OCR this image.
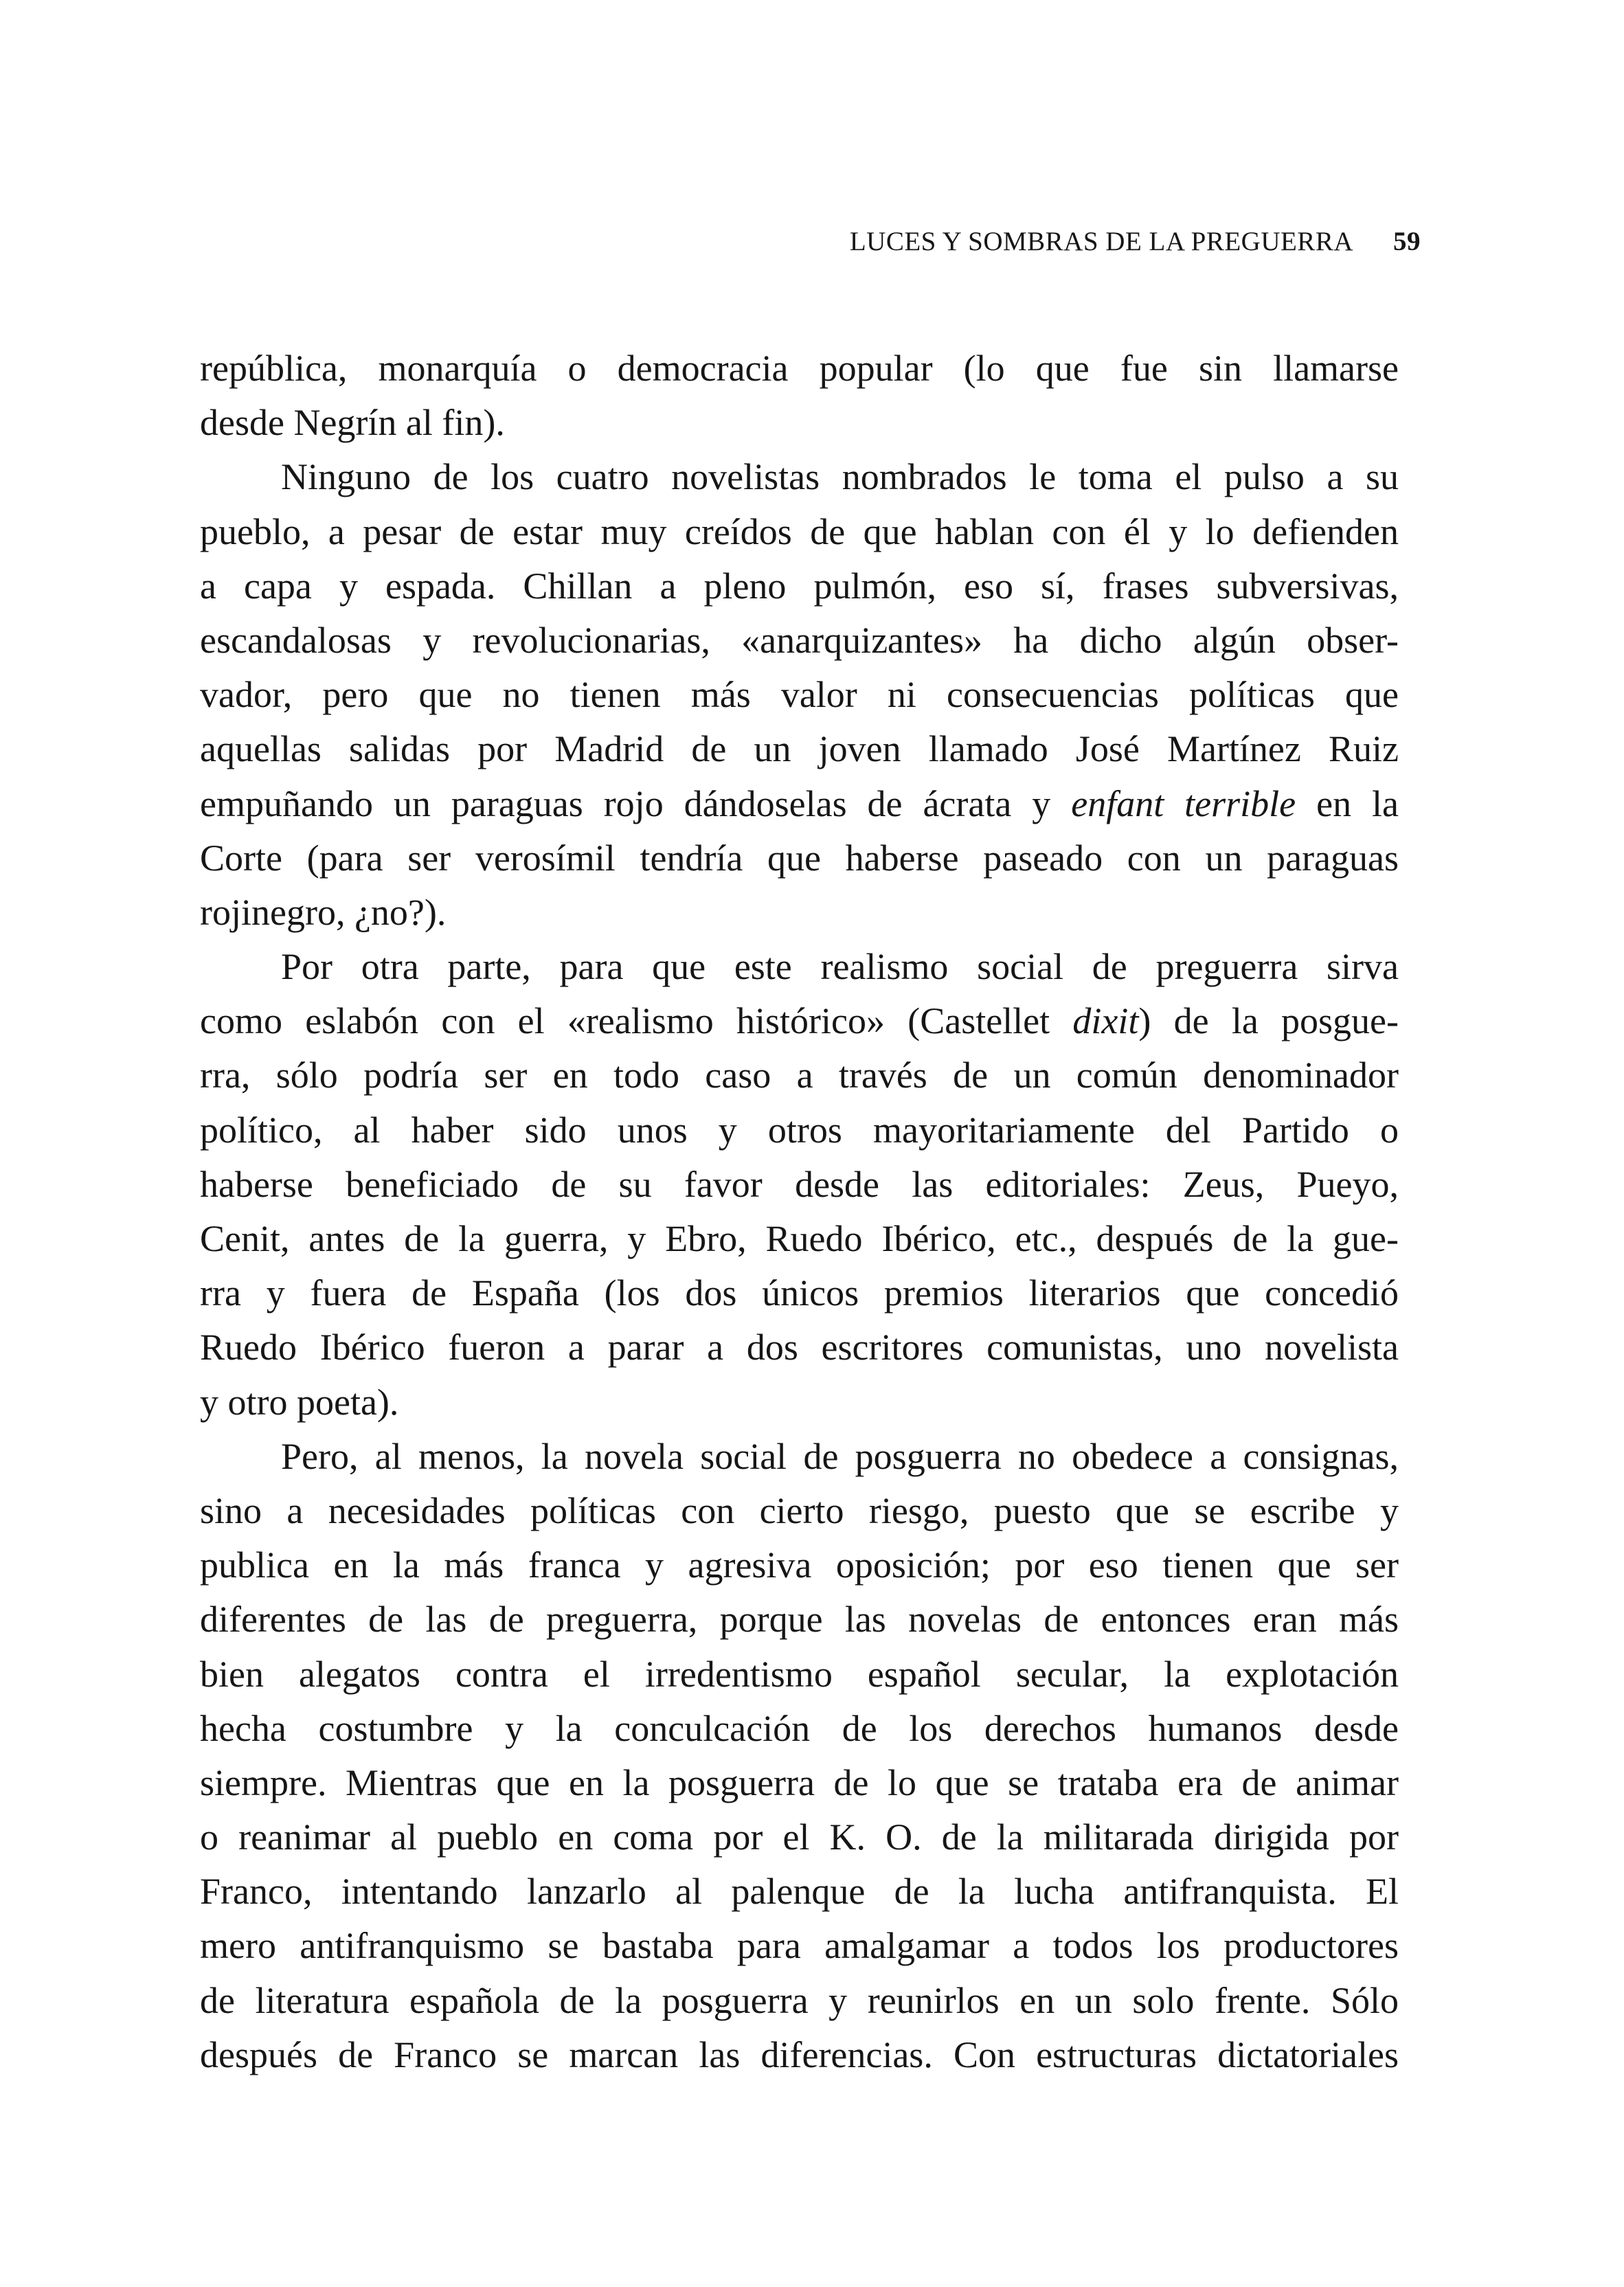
LUCES Y SOMBRAS DE LA PREGUERRA 59
república, monarquía o democracia popular (lo que fue sin llamarse
desde Negrín al fin).
Ninguno de los cuatro novelistas nombrados le toma el pulso a su
pueblo, a pesar de estar muy creídos de que hablan con él y lo defienden
a capa y espada. Chillan a pleno pulmón, eso sí, frases subversivas,
escandalosas y revolucionarias, «anarquizantes» ha dicho algún obser-
vador, pero que no tienen más valor ni consecuencias políticas que
aquellas salidas por Madrid de un joven llamado José Martínez Ruiz
empuñando un paraguas rojo dándoselas de ácrata y enfant terrible en la
Corte (para ser verosímil tendría que haberse paseado con un paraguas
rojinegro, ¿no?).
Por otra parte, para que este realismo social de preguerra sirva
como eslabón con el «realismo histórico» (Castellet dixit) de la posgue-
rra, sólo podría ser en todo caso a través de un común denominador
político, al haber sido unos y otros mayoritariamente del Partido o
haberse beneficiado de su favor desde las editoriales: Zeus, Pueyo,
Cenit, antes de la guerra, y Ebro, Ruedo Ibérico, etc., después de la gue-
rra y fuera de España (los dos únicos premios literarios que concedió
Ruedo Ibérico fueron a parar a dos escritores comunistas, uno novelista
y otro poeta).
Pero, al menos, la novela social de posguerra no obedece a consignas,
sino a necesidades políticas con cierto riesgo, puesto que se escribe y
publica en la más franca y agresiva oposición; por eso tienen que ser
diferentes de las de preguerra, porque las novelas de entonces eran más
bien alegatos contra el irredentismo español secular, la explotación
hecha costumbre y la conculcación de los derechos humanos desde
siempre. Mientras que en la posguerra de lo que se trataba era de animar
o reanimar al pueblo en coma por el K. O. de la militarada dirigida por
Franco, intentando lanzarlo al palenque de la lucha antifranquista. El
mero antifranquismo se bastaba para amalgamar a todos los productores
de literatura española de la posguerra y reunirlos en un solo frente. Sólo
después de Franco se marcan las diferencias. Con estructuras dictatoriales
